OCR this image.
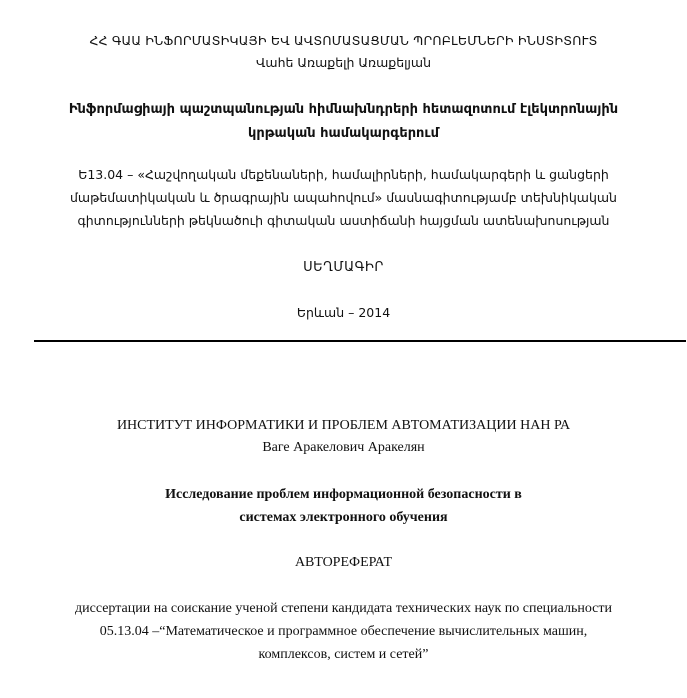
ՀՀ ԳԱԱ ԻՆՖՈՐՄԱՏԻԿԱՅԻ ԵՎ ԱՎՏՈՄԱՏԱՑՄԱՆ ՊՐՈԲԼԵՄՆԵՐԻ ԻՆՍՏԻՏՈՒՏ
Վահե Առաքելի Առաքելյան
Ինֆորմացիայի պաշտպանության հիմնախնդրերի հետազոտում էլեկտրոնային
կրթական համակարգերում
Ե13.04 – «Հաշվողական մեքենաների, համալիրների, համակարգերի և ցանցերի
մաթեմատիկական և ծրագրային ապահովում» մասնագիտությամբ տեխնիկական
գիտությունների թեկնածուի գիտական աստիճանի հայցման ատենախոսության
ՍԵՂՄԱԳԻՐ
Երևան – 2014
ИНСТИТУТ ИНФОРМАТИКИ И ПРОБЛЕМ АВТОМАТИЗАЦИИ НАН РА
Ваге Аракелович Аракелян
Исследование проблем информационной безопасности в
системах электронного обучения
АВТОРЕФЕРАТ
диссертации на соискание ученой степени кандидата технических наук по специальности
05.13.04 –“Математическое и программное обеспечение вычислительных машин,
комплексов, систем и сетей”
